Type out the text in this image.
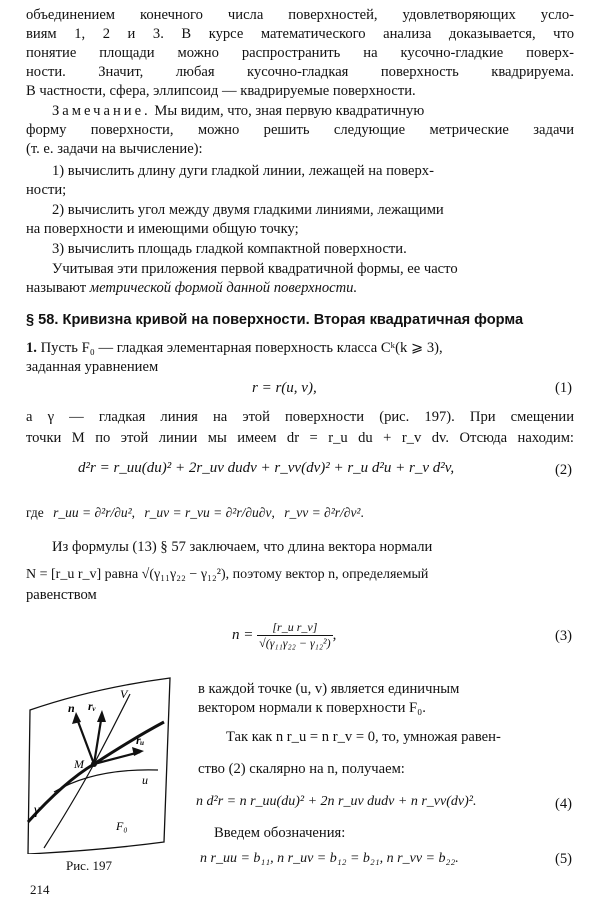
объединением конечного числа поверхностей, удовлетворяющих усло-
виям 1, 2 и 3. В курсе математического анализа доказывается, что
понятие площади можно распространить на кусочно-гладкие поверх-
ности. Значит, любая кусочно-гладкая поверхность квадрируема.
В частности, сфера, эллипсоид — квадрируемые поверхности.
Замечание. Мы видим, что, зная первую квадратичную
форму поверхности, можно решить следующие метрические задачи
(т. е. задачи на вычисление):
1) вычислить длину дуги гладкой линии, лежащей на поверх-
ности;
2) вычислить угол между двумя гладкими линиями, лежащими
на поверхности и имеющими общую точку;
3) вычислить площадь гладкой компактной поверхности.
Учитывая эти приложения первой квадратичной формы, ее часто
называют метрической формой данной поверхности.
§ 58. Кривизна кривой на поверхности. Вторая квадратичная форма
1. Пусть F₀ — гладкая элементарная поверхность класса Cᵏ(k ⩾ 3),
заданная уравнением
r = r(u, v),	(1)
а γ — гладкая линия на этой поверхности (рис. 197). При смещении
точки M по этой линии мы имеем dr = r_u du + r_v dv. Отсюда находим:
d²r = r_uu(du)² + 2r_uv dudv + r_vv(dv)² + r_u d²u + r_v d²v,	(2)
где r_uu = ∂²r/∂u², r_uv = r_vu = ∂²r/∂u∂v, r_vv = ∂²r/∂v².
Из формулы (13) § 57 заключаем, что длина вектора нормали
N = [r_u r_v] равна √(γ₁₁γ₂₂ − γ₁₂²), поэтому вектор n, определяемый
равенством
$n = \frac{\text{[r\_u r\_v]}}{\text{√(γ₁₁γ₂₂ − γ₁₂²)}}$ ,	(3)
n rᵥ
V
rᵤ
M
u
γ
F₀
в каждой точке (u, v) является единичным
вектором нормали к поверхности F₀.
Так как n r_u = n r_v = 0, то, умножая равен-
ство (2) скалярно на n, получаем:
n d²r = n r_uu(du)² + 2n r_uv dudv + n r_vv(dv)².	(4)
Введем обозначения:
n r_uu = b₁₁, n r_uv = b₁₂ = b₂₁, n r_vv = b₂₂.	(5)
Рис. 197
214
